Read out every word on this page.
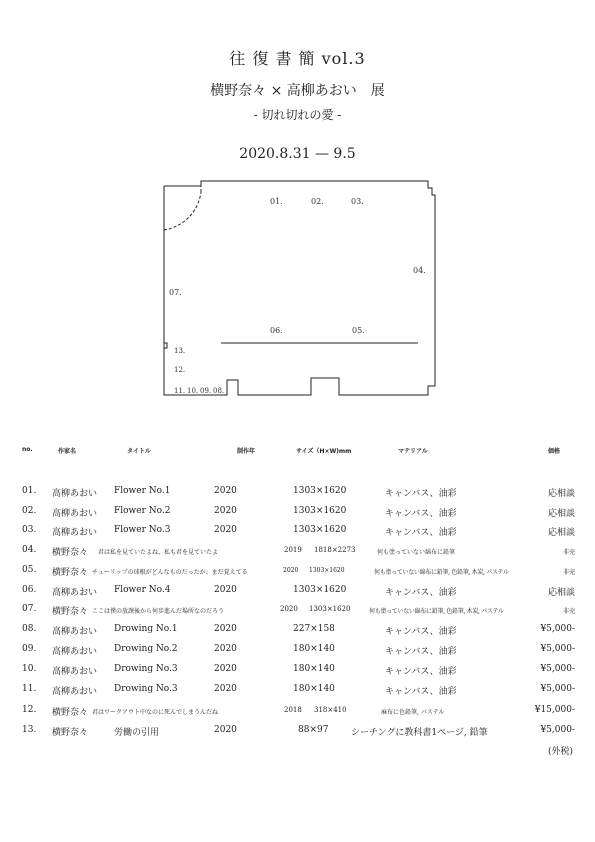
往 復 書 簡 vol.3
横野奈々 × 高柳あおい　展
- 切れ切れの愛 -
2020.8.31 — 9.5
01.	02.	03.
04.
05.
06.
07.
08.
09.
10.
11.
12.
13.
no.	作家名	タイトル	制作年	サイズ（H×W)mm	マテリアル	価格
01. 高柳あおい Flower No.1	2020	1303×1620	キャンバス、油彩	応相談
02. 高柳あおい Flower No.2	2020	1303×1620	キャンバス、油彩	応相談
03. 高柳あおい Flower No.3	2020	1303×1620	キャンバス、油彩	応相談
04. 横野奈々 君は私を見ていたよね、私も君を見ていたよ	2019 1818×2273	何も塗っていない綿布に鉛筆	非売
05. 横野奈々 チューリップの球根がどんなものだったか、まだ覚えてる	2020 1303×1620	何も塗っていない綿布に鉛筆, 色鉛筆, 木炭, パステル	非売
06. 高柳あおい Flower No.4	2020	1303×1620	キャンバス、油彩	応相談
07. 横野奈々 ここは僕の放課後から何歩進んだ場所なのだろう	2020 1303×1620	何も塗っていない綿布に鉛筆, 色鉛筆, 木炭, パステル	非売
08. 高柳あおい Drowing No.1	2020	227×158	キャンバス、油彩	¥5,000-
09. 高柳あおい Drowing No.2	2020	180×140	キャンバス、油彩	¥5,000-
10. 高柳あおい Drowing No.3	2020	180×140	キャンバス、油彩	¥5,000-
11. 高柳あおい Drowing No.3	2020	180×140	キャンバス、油彩	¥5,000-
12. 横野奈々 君はワークアウト中なのに死んでしまうんだね	2018 318×410	麻布に色鉛筆, パステル	¥15,000-
13. 横野奈々	労働の引用	2020	88×97	シーチングに教科書1ページ, 鉛筆	¥5,000-
(外税)
